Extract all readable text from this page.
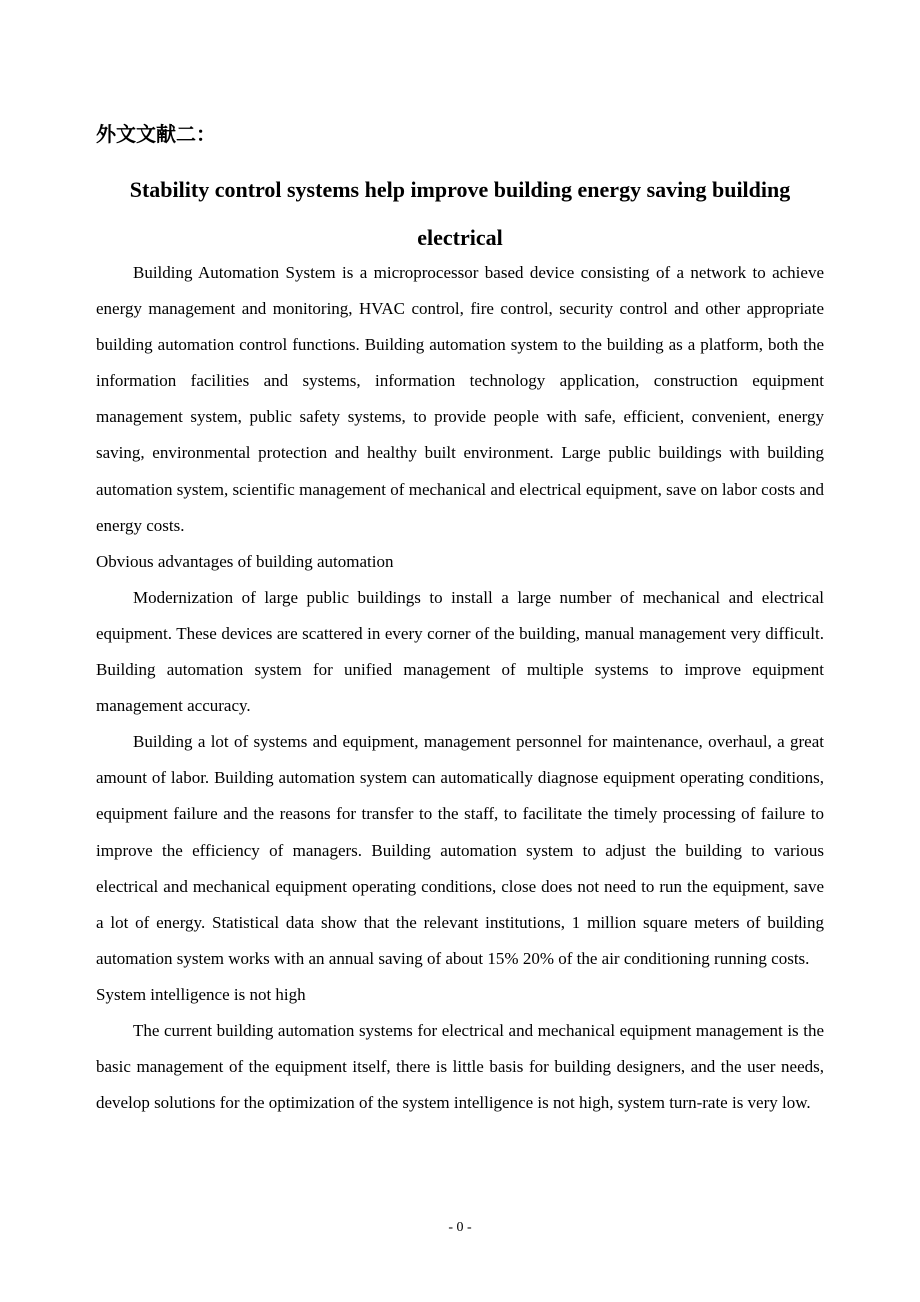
外文文献二：
Stability control systems help improve building energy saving building electrical

Building Automation System is a microprocessor based device consisting of a network to achieve energy management and monitoring, HVAC control, fire control, security control and other appropriate building automation control functions. Building automation system to the building as a platform, both the information facilities and systems, information technology application, construction equipment management system, public safety systems, to provide people with safe, efficient, convenient, energy saving, environmental protection and healthy built environment. Large public buildings with building automation system, scientific management of mechanical and electrical equipment, save on labor costs and energy costs.

Obvious advantages of building automation

Modernization of large public buildings to install a large number of mechanical and electrical equipment. These devices are scattered in every corner of the building, manual management very difficult. Building automation system for unified management of multiple systems to improve equipment management accuracy.

Building a lot of systems and equipment, management personnel for maintenance, overhaul, a great amount of labor. Building automation system can automatically diagnose equipment operating conditions, equipment failure and the reasons for transfer to the staff, to facilitate the timely processing of failure to improve the efficiency of managers. Building automation system to adjust the building to various electrical and mechanical equipment operating conditions, close does not need to run the equipment, save a lot of energy. Statistical data show that the relevant institutions, 1 million square meters of building automation system works with an annual saving of about 15% 20% of the air conditioning running costs.

System intelligence is not high

The current building automation systems for electrical and mechanical equipment management is the basic management of the equipment itself, there is little basis for building designers, and the user needs, develop solutions for the optimization of the system intelligence is not high, system turn-rate is very low.

- 0 -
